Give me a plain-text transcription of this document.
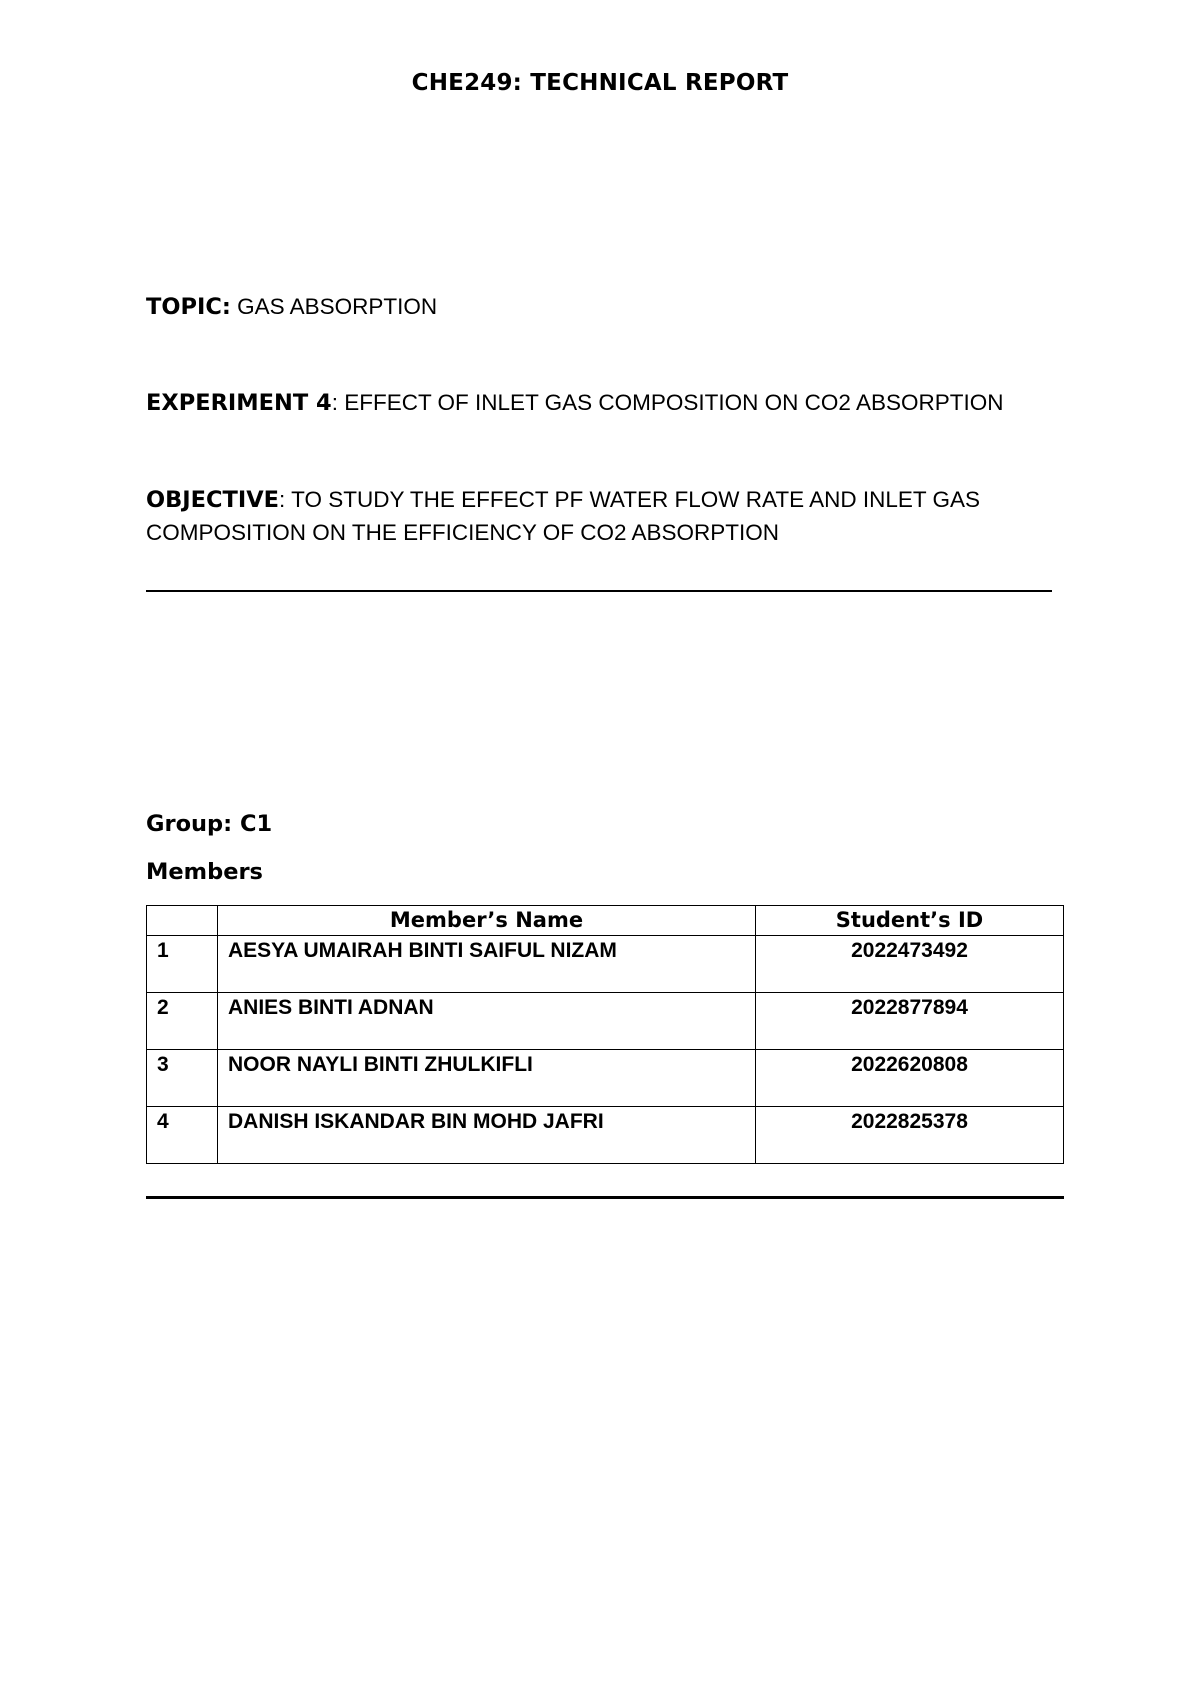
CHE249: TECHNICAL REPORT
TOPIC: GAS ABSORPTION
EXPERIMENT 4: EFFECT OF INLET GAS COMPOSITION ON CO2 ABSORPTION
OBJECTIVE: TO STUDY THE EFFECT PF WATER FLOW RATE AND INLET GAS
COMPOSITION ON THE EFFICIENCY OF CO2 ABSORPTION
Group: C1
Members
	Member’s Name	Student’s ID
1	AESYA UMAIRAH BINTI SAIFUL NIZAM	2022473492
2	ANIES BINTI ADNAN	2022877894
3	NOOR NAYLI BINTI ZHULKIFLI	2022620808
4	DANISH ISKANDAR BIN MOHD JAFRI	2022825378
